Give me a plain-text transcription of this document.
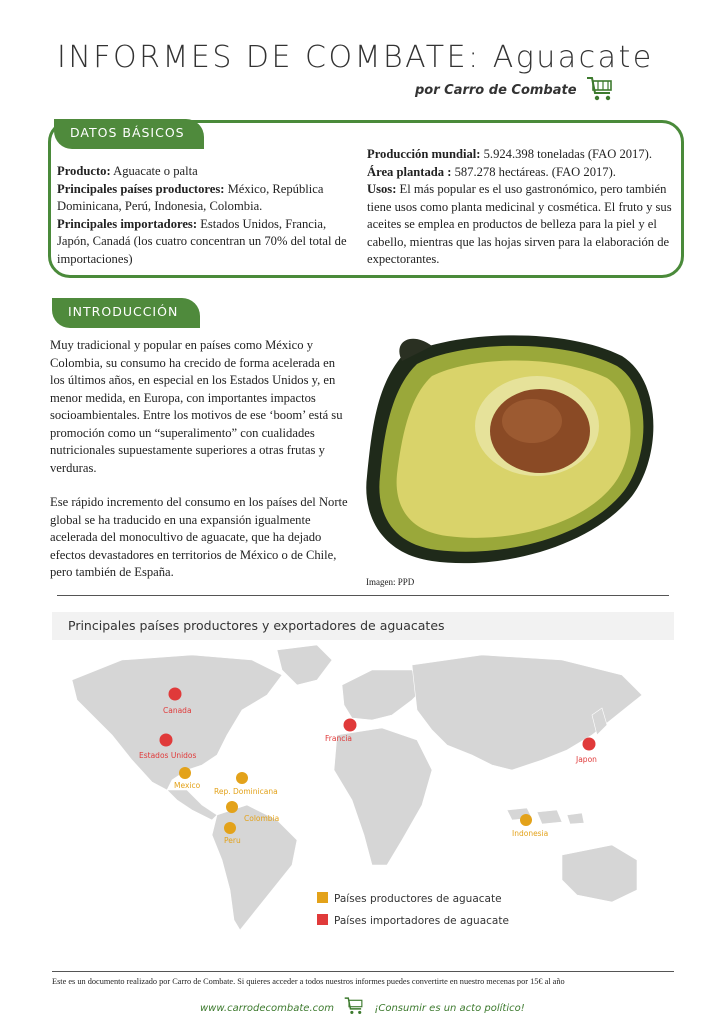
INFORMES DE COMBATE: Aguacate
por Carro de Combate
DATOS BÁSICOS
Producto: Aguacate o palta
Principales países productores: México, República Dominicana, Perú, Indonesia, Colombia.
Principales importadores: Estados Unidos, Francia, Japón, Canadá (los cuatro concentran un 70% del total de importaciones)
Producción mundial: 5.924.398 toneladas (FAO 2017).
Área plantada : 587.278 hectáreas. (FAO 2017).
Usos: El más popular es el uso gastronómico, pero también tiene usos como planta medicinal y cosmética. El fruto y sus aceites se emplea en productos de belleza para la piel y el cabello, mientras que las hojas sirven para la elaboración de expectorantes.
INTRODUCCIÓN

Muy tradicional y popular en países como México y Colombia, su consumo ha crecido de forma acelerada en los últimos años, en especial en los Estados Unidos y, en menor medida, en Europa, con importantes impactos socioambientales. Entre los motivos de ese ‘boom’ está su promoción como un “superalimento” con cualidades nutricionales supuestamente superiores a otras frutas y verduras.

Ese rápido incremento del consumo en los países del Norte global se ha traducido en una expansión igualmente acelerada del monocultivo de aguacate, que ha dejado efectos devastadores en territorios de México o de Chile, pero también de España.

Imagen: PPD
Principales países productores y exportadores de aguacates
Canada
Estados Unidos
Mexico
Rep. Dominicana
Colombia
Peru
Francia
Japon
Indonesia
Países productores de aguacate
Países importadores de aguacate
Este es un documento realizado por Carro de Combate. Si quieres acceder a todos nuestros informes puedes convertirte en nuestro mecenas por 15€ al año
www.carrodecombate.com	¡Consumir es un acto político!
